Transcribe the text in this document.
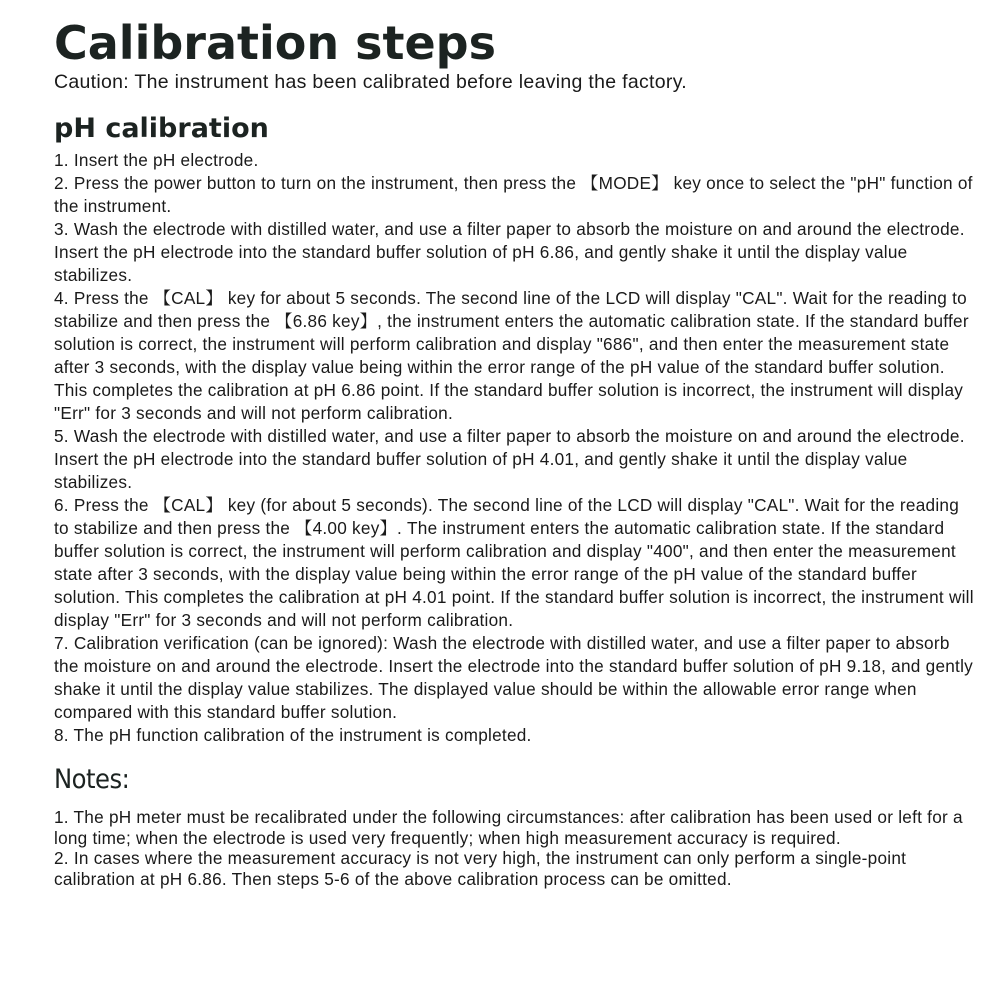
Calibration steps

Caution: The instrument has been calibrated before leaving the factory.

pH calibration

1. Insert the pH electrode.

2. Press the power button to turn on the instrument, then press the 【MODE】 key once to select the "pH" function of the instrument.

3. Wash the electrode with distilled water, and use a filter paper to absorb the moisture on and around the electrode. Insert the pH electrode into the standard buffer solution of pH 6.86, and gently shake it until the display value stabilizes.

4. Press the 【CAL】 key for about 5 seconds. The second line of the LCD will display "CAL". Wait for the reading to stabilize and then press the 【6.86 key】, the instrument enters the automatic calibration state. If the standard buffer solution is correct, the instrument will perform calibration and display "686", and then enter the measurement state after 3 seconds, with the display value being within the error range of the pH value of the standard buffer solution. This completes the calibration at pH 6.86 point. If the standard buffer solution is incorrect, the instrument will display "Err" for 3 seconds and will not perform calibration.

5. Wash the electrode with distilled water, and use a filter paper to absorb the moisture on and around the electrode. Insert the pH electrode into the standard buffer solution of pH 4.01, and gently shake it until the display value stabilizes.

6. Press the 【CAL】 key (for about 5 seconds). The second line of the LCD will display "CAL". Wait for the reading to stabilize and then press the 【4.00 key】. The instrument enters the automatic calibration state. If the standard buffer solution is correct, the instrument will perform calibration and display "400", and then enter the measurement state after 3 seconds, with the display value being within the error range of the pH value of the standard buffer solution. This completes the calibration at pH 4.01 point. If the standard buffer solution is incorrect, the instrument will display "Err" for 3 seconds and will not perform calibration.

7. Calibration verification (can be ignored): Wash the electrode with distilled water, and use a filter paper to absorb the moisture on and around the electrode. Insert the electrode into the standard buffer solution of pH 9.18, and gently shake it until the display value stabilizes. The displayed value should be within the allowable error range when compared with this standard buffer solution.

8. The pH function calibration of the instrument is completed.

Notes:

1. The pH meter must be recalibrated under the following circumstances: after calibration has been used or left for a long time; when the electrode is used very frequently; when high measurement accuracy is required.

2. In cases where the measurement accuracy is not very high, the instrument can only perform a single-point calibration at pH 6.86. Then steps 5-6 of the above calibration process can be omitted.
